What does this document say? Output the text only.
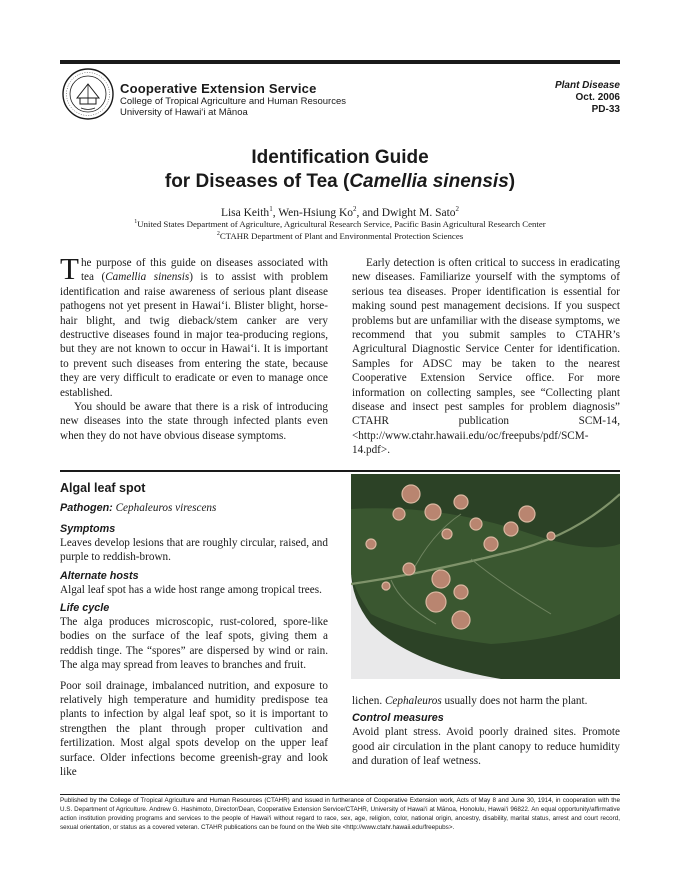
Cooperative Extension Service
College of Tropical Agriculture and Human Resources
University of Hawai‘i at Mānoa
Plant Disease
Oct. 2006
PD-33
Identification Guide
for Diseases of Tea (Camellia sinensis)
Lisa Keith$^1$, Wen-Hsiung Ko$^2$, and Dwight M. Sato$^2$
$^1$United States Department of Agriculture, Agricultural Research Service, Pacific Basin Agricultural Research Center
$^2$CTAHR Department of Plant and Environmental Protection Sciences

The purpose of this guide on diseases associated with tea (Camellia sinensis) is to assist with problem identification and raise awareness of serious plant disease pathogens not yet present in Hawai‘i. Blister blight, horse-hair blight, and twig dieback/stem canker are very destructive diseases found in major tea-producing regions, but they are not known to occur in Hawai‘i. It is important to prevent such diseases from entering the state, because they are very difficult to eradicate or even to manage once established.

You should be aware that there is a risk of introducing new diseases into the state through infected plants even when they do not have obvious disease symptoms.

Early detection is often critical to success in eradicating new diseases. Familiarize yourself with the symptoms of serious tea diseases. Proper identification is essential for making sound pest management decisions. If you suspect problems but are unfamiliar with the disease symptoms, we recommend that you submit samples to CTAHR’s Agricultural Diagnostic Service Center for identification. Samples for ADSC may be taken to the nearest Cooperative Extension Service office. For more information on collecting samples, see “Collecting plant disease and insect pest samples for problem diagnosis” CTAHR publication SCM-14, <http://www.ctahr.hawaii.edu/oc/freepubs/pdf/SCM-14.pdf>.

Algal leaf spot
Pathogen: Cephaleuros virescens
Symptoms

Leaves develop lesions that are roughly circular, raised, and purple to reddish-brown.

Alternate hosts

Algal leaf spot has a wide host range among tropical trees.

Life cycle

The alga produces microscopic, rust-colored, spore-like bodies on the surface of the leaf spots, giving them a reddish tinge. The “spores” are dispersed by wind or rain. The alga may spread from leaves to branches and fruit.

Poor soil drainage, imbalanced nutrition, and exposure to relatively high temperature and humidity predispose tea plants to infection by algal leaf spot, so it is important to strengthen the plant through proper cultivation and fertilization. Most algal spots develop on the upper leaf surface. Older infections become greenish-gray and look like

lichen. Cephaleuros usually does not harm the plant.

Control measures

Avoid plant stress. Avoid poorly drained sites. Promote good air circulation in the plant canopy to reduce humidity and duration of leaf wetness.

Published by the College of Tropical Agriculture and Human Resources (CTAHR) and issued in furtherance of Cooperative Extension work, Acts of May 8 and June 30, 1914, in cooperation with the U.S. Department of Agriculture. Andrew G. Hashimoto, Director/Dean, Cooperative Extension Service/CTAHR, University of Hawai‘i at Mānoa, Honolulu, Hawai‘i 96822. An equal opportunity/affirmative action institution providing programs and services to the people of Hawai‘i without regard to race, sex, age, religion, color, national origin, ancestry, disability, marital status, arrest and court record, sexual orientation, or status as a covered veteran. CTAHR publications can be found on the Web site <http://www.ctahr.hawaii.edu/freepubs>.
